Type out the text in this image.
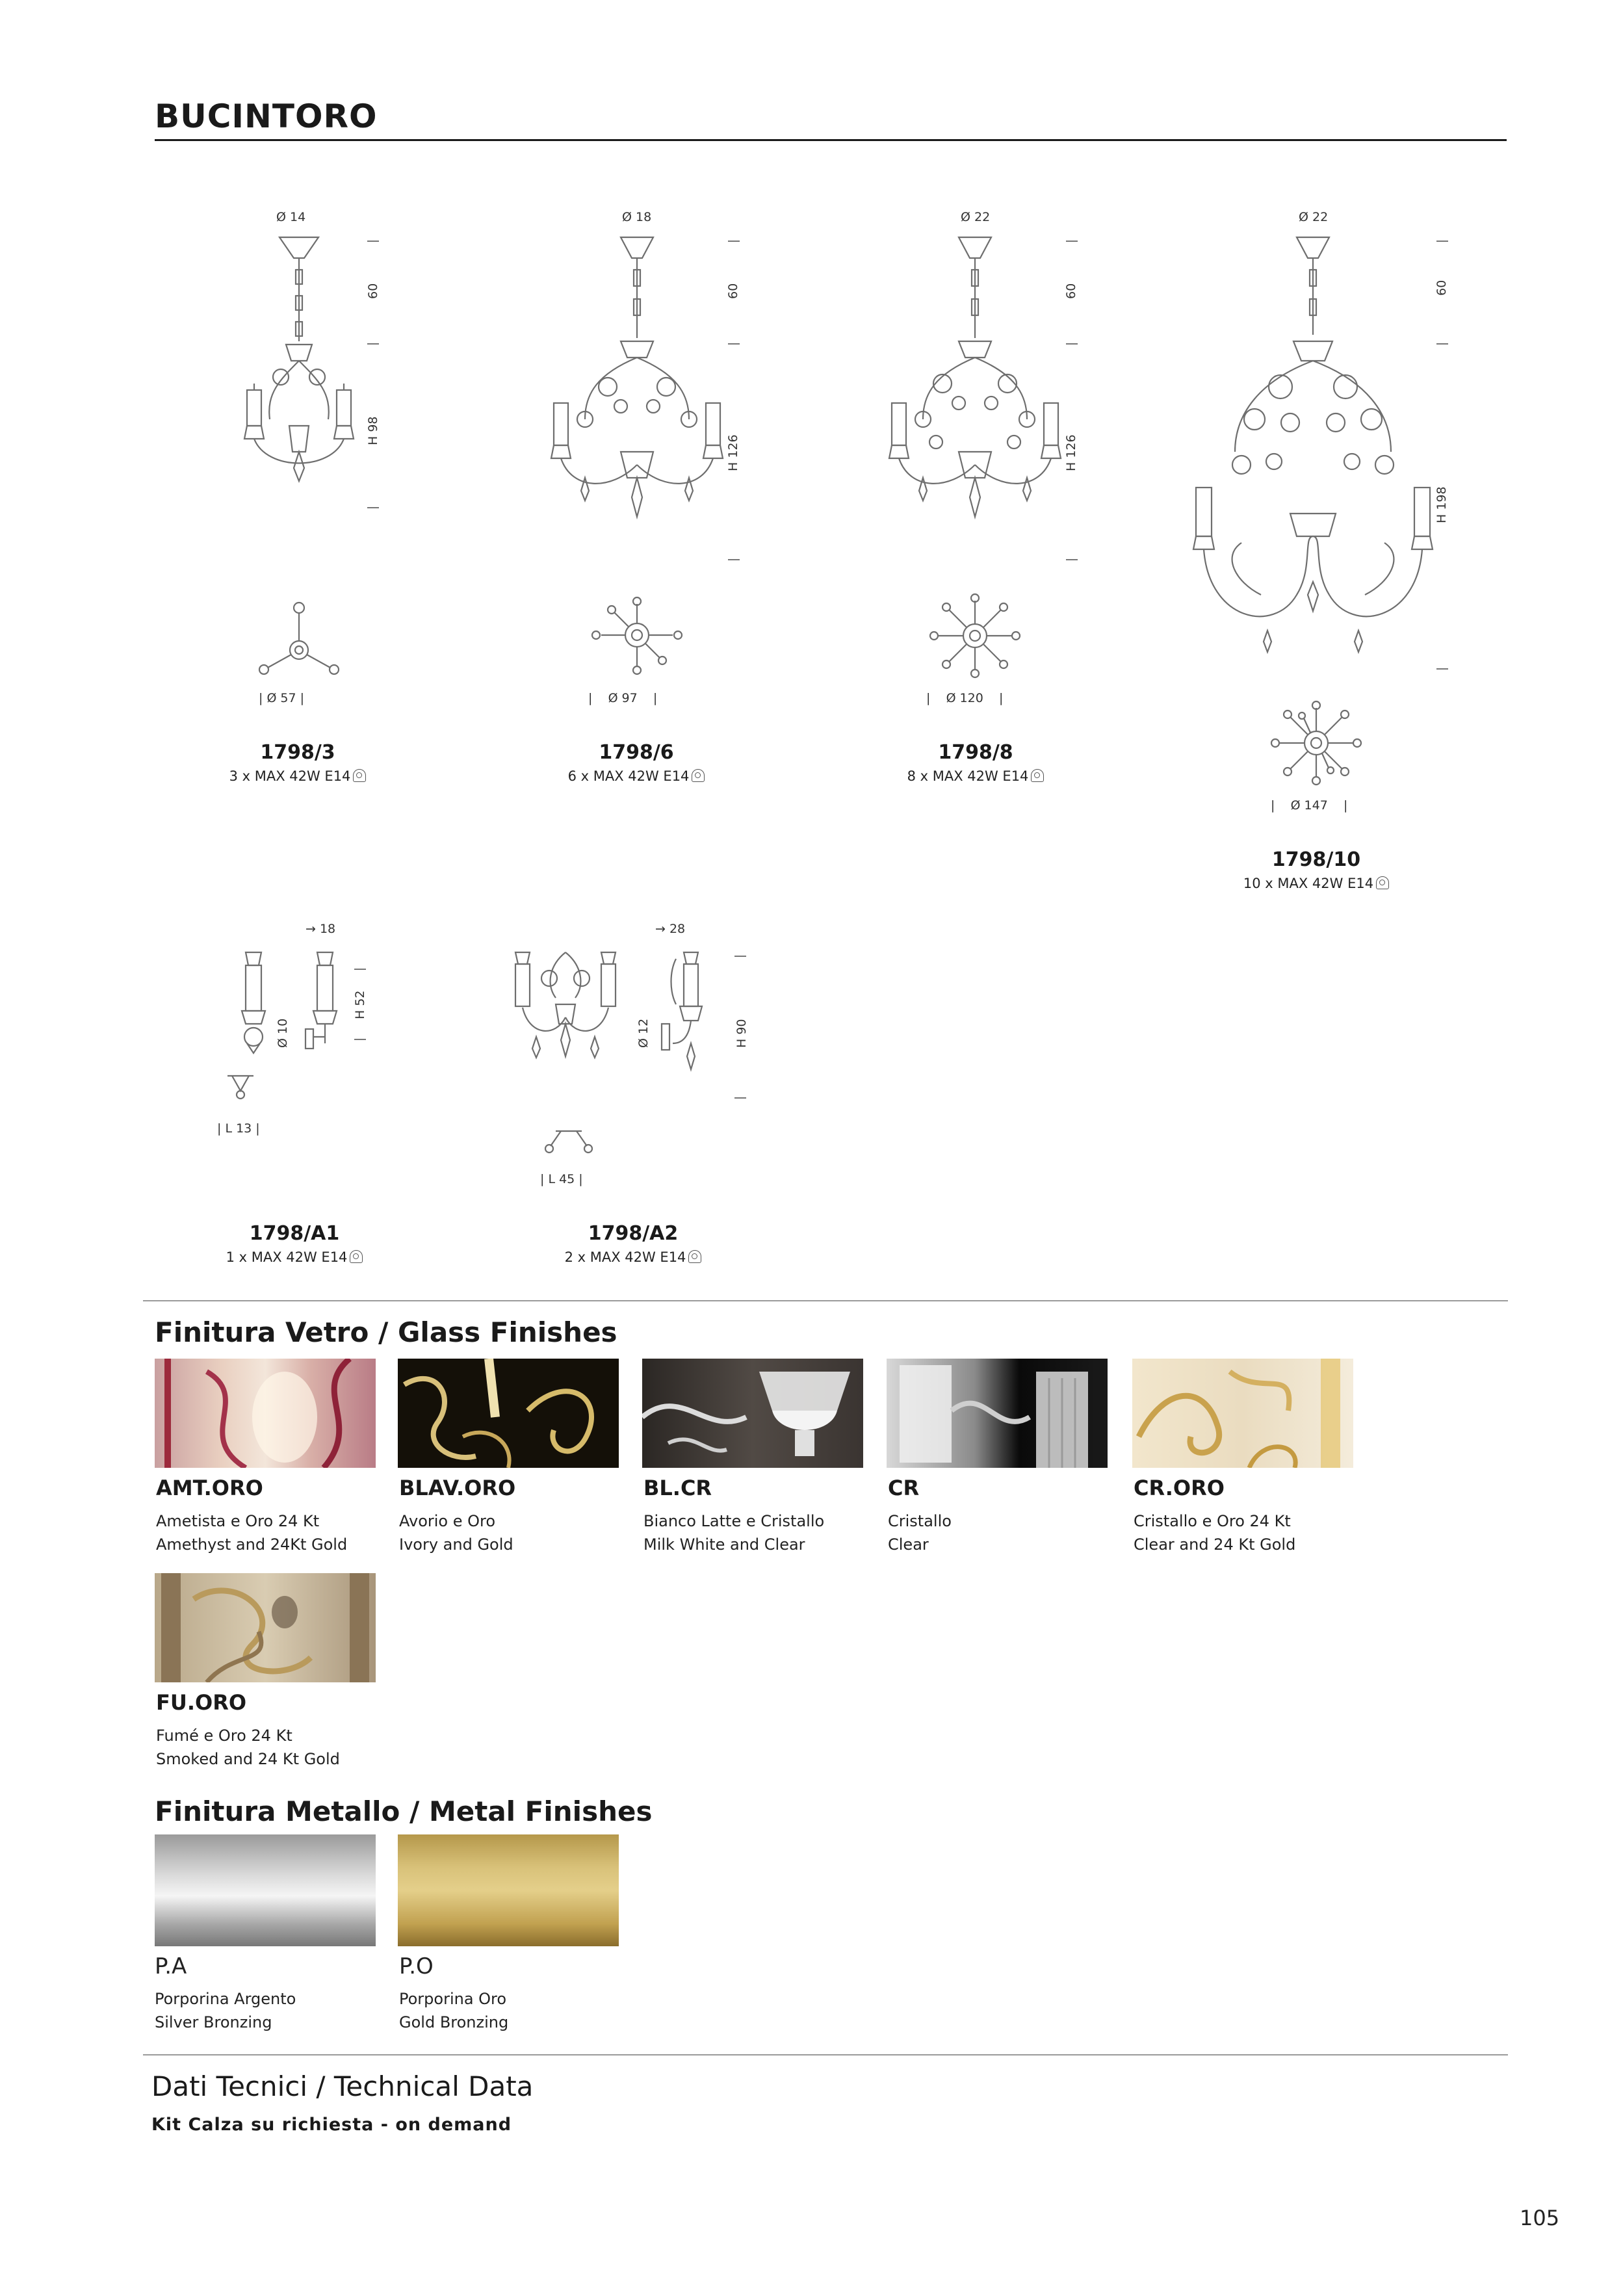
BUCINTORO
Ø 14
60
H 98
| Ø 57 |
1798/3
3 x MAX 42W E14
Ø 18
60
H 126
|    Ø 97    |
1798/6
6 x MAX 42W E14
Ø 22
60
H 126
|    Ø 120    |
1798/8
8 x MAX 42W E14
Ø 22
60
H 198
|    Ø 147    |
1798/10
10 x MAX 42W E14
→ 18
Ø 10
H 52
| L 13 |
1798/A1
1 x MAX 42W E14
→ 28
Ø 12	H 90
| L 45 |
1798/A2
2 x MAX 42W E14
Finitura Vetro / Glass Finishes
AMT.ORO
Ametista e Oro 24 Kt
Amethyst and 24Kt Gold
BLAV.ORO
Avorio e Oro
Ivory and Gold
BL.CR
Bianco Latte e Cristallo
Milk White and Clear
CR
Cristallo
Clear
CR.ORO
Cristallo e Oro 24 Kt
Clear and 24 Kt Gold
FU.ORO
Fumé e Oro 24 Kt
Smoked and 24 Kt Gold
Finitura Metallo / Metal Finishes
P.A
Porporina Argento
Silver Bronzing
P.O
Porporina Oro
Gold Bronzing
Dati Tecnici / Technical Data
Kit Calza su richiesta - on demand
105
